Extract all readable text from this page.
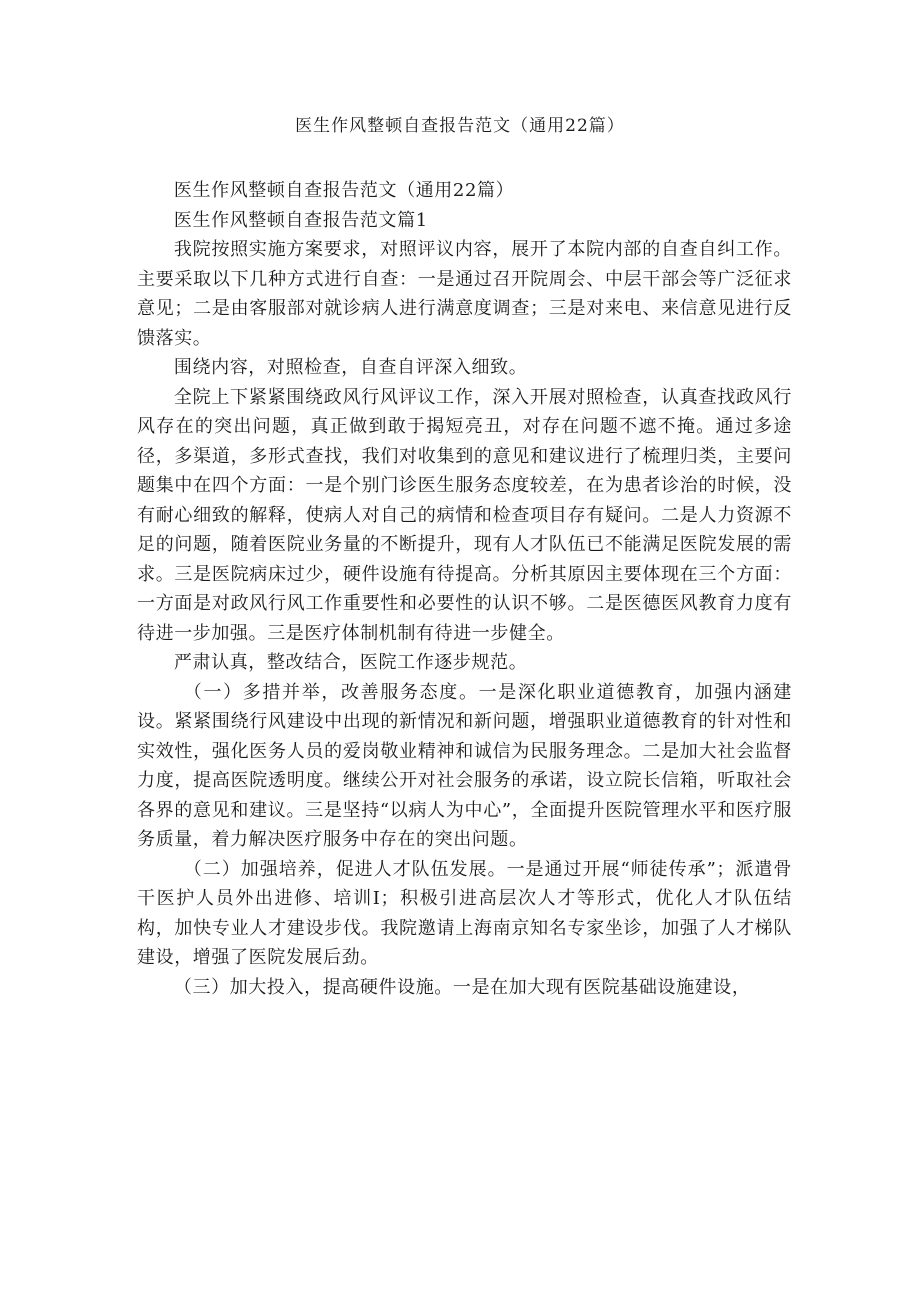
医生作风整顿自查报告范文（通用22篇）

医生作风整顿自查报告范文（通用22篇）

医生作风整顿自查报告范文篇1

我院按照实施方案要求，对照评议内容，展开了本院内部的自查自纠工作。主要采取以下几种方式进行自查：一是通过召开院周会、中层干部会等广泛征求意见；二是由客服部对就诊病人进行满意度调查；三是对来电、来信意见进行反馈落实。

围绕内容，对照检查，自查自评深入细致。

全院上下紧紧围绕政风行风评议工作，深入开展对照检查，认真查找政风行风存在的突出问题，真正做到敢于揭短亮丑，对存在问题不遮不掩。通过多途径，多渠道，多形式查找，我们对收集到的意见和建议进行了梳理归类，主要问题集中在四个方面：一是个别门诊医生服务态度较差，在为患者诊治的时候，没有耐心细致的解释，使病人对自己的病情和检查项目存有疑问。二是人力资源不足的问题，随着医院业务量的不断提升，现有人才队伍已不能满足医院发展的需求。三是医院病床过少，硬件设施有待提高。分析其原因主要体现在三个方面：一方面是对政风行风工作重要性和必要性的认识不够。二是医德医风教育力度有待进一步加强。三是医疗体制机制有待进一步健全。

严肃认真，整改结合，医院工作逐步规范。

（一）多措并举，改善服务态度。一是深化职业道德教育，加强内涵建设。紧紧围绕行风建设中出现的新情况和新问题，增强职业道德教育的针对性和实效性，强化医务人员的爱岗敬业精神和诚信为民服务理念。二是加大社会监督力度，提高医院透明度。继续公开对社会服务的承诺，设立院长信箱，听取社会各界的意见和建议。三是坚持“以病人为中心”，全面提升医院管理水平和医疗服务质量，着力解决医疗服务中存在的突出问题。

（二）加强培养，促进人才队伍发展。一是通过开展“师徒传承”；派遣骨干医护人员外出进修、培训I；积极引进高层次人才等形式，优化人才队伍结构，加快专业人才建设步伐。我院邀请上海南京知名专家坐诊，加强了人才梯队建设，增强了医院发展后劲。

（三）加大投入，提高硬件设施。一是在加大现有医院基础设施建设，
